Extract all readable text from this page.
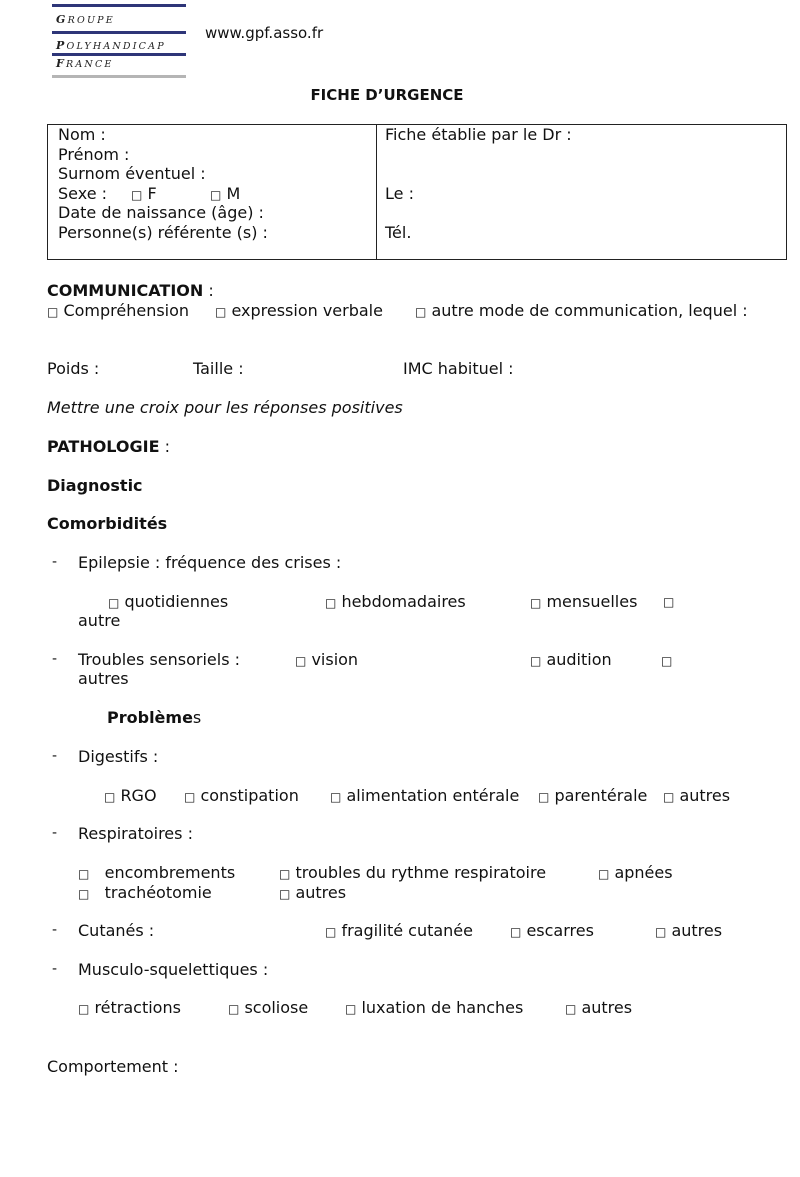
GROUPE
POLYHANDICAP
FRANCE
www.gpf.asso.fr
FICHE D’URGENCE
Nom :
Prénom :
Surnom éventuel :
Sexe : □ F	□ M
Date de naissance (âge) :
Personne(s) référente (s) :
Fiche établie par le Dr :
Le :
Tél.
COMMUNICATION :
□ Compréhension □ expression verbale	□ autre mode de communication, lequel :
Poids :	Taille :	IMC habituel :
Mettre une croix pour les réponses positives
PATHOLOGIE :
Diagnostic
Comorbidités
- Epilepsie : fréquence des crises :
□ quotidiennes	□ hebdomadaires	□ mensuelles □
autre
- Troubles sensoriels :	□ vision	□ audition	□
autres
Problèmes
- Digestifs :
□ RGO □ constipation	□ alimentation entérale □ parentérale □ autres
- Respiratoires :
□ encombrements	□ troubles du rythme respiratoire	□ apnées
□ trachéotomie	□ autres
- Cutanés :	□ fragilité cutanée	□ escarres	□ autres
- Musculo-squelettiques :
□ rétractions	□ scoliose	□ luxation de hanches	□ autres
Comportement :
